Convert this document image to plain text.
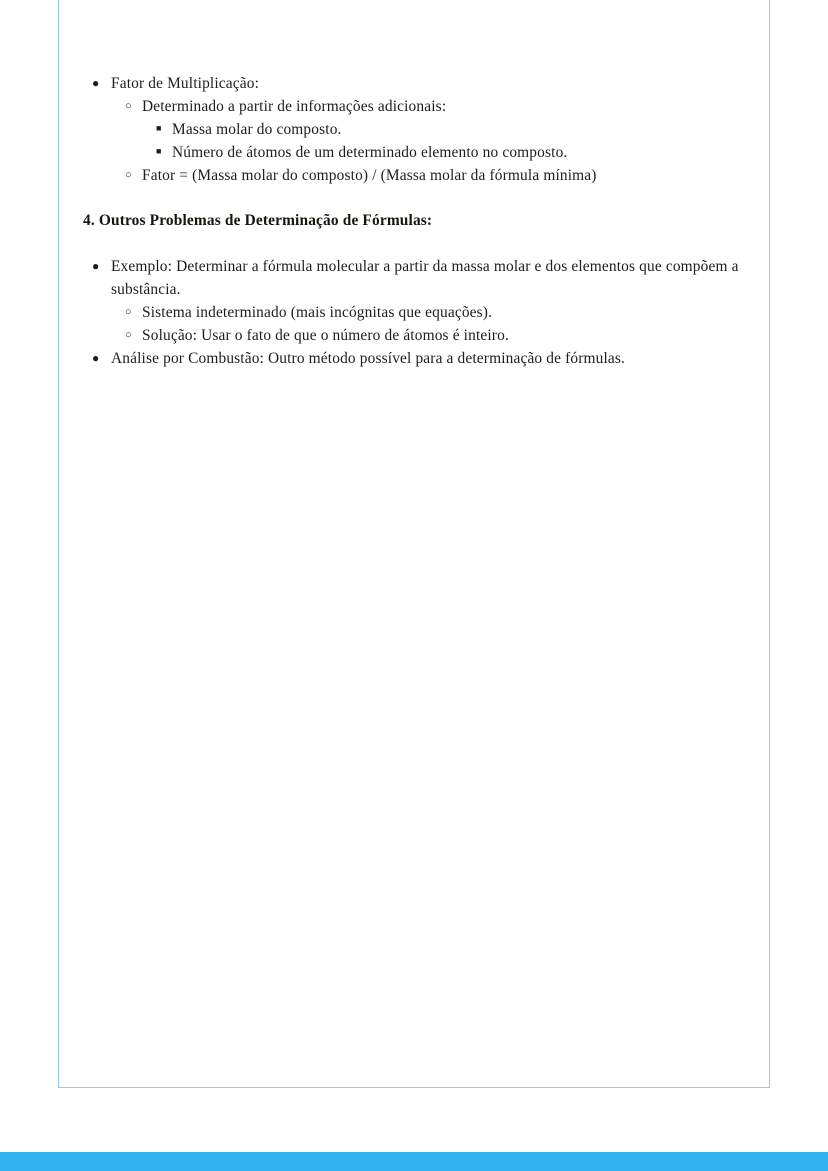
● Fator de Multiplicação:
○ Determinado a partir de informações adicionais:
■ Massa molar do composto.
■ Número de átomos de um determinado elemento no composto.
○ Fator = (Massa molar do composto) / (Massa molar da fórmula mínima)

4. Outros Problemas de Determinação de Fórmulas:

● Exemplo: Determinar a fórmula molecular a partir da massa molar e dos elementos que compõem a substância.
○ Sistema indeterminado (mais incógnitas que equações).
○ Solução: Usar o fato de que o número de átomos é inteiro.
● Análise por Combustão: Outro método possível para a determinação de fórmulas.
